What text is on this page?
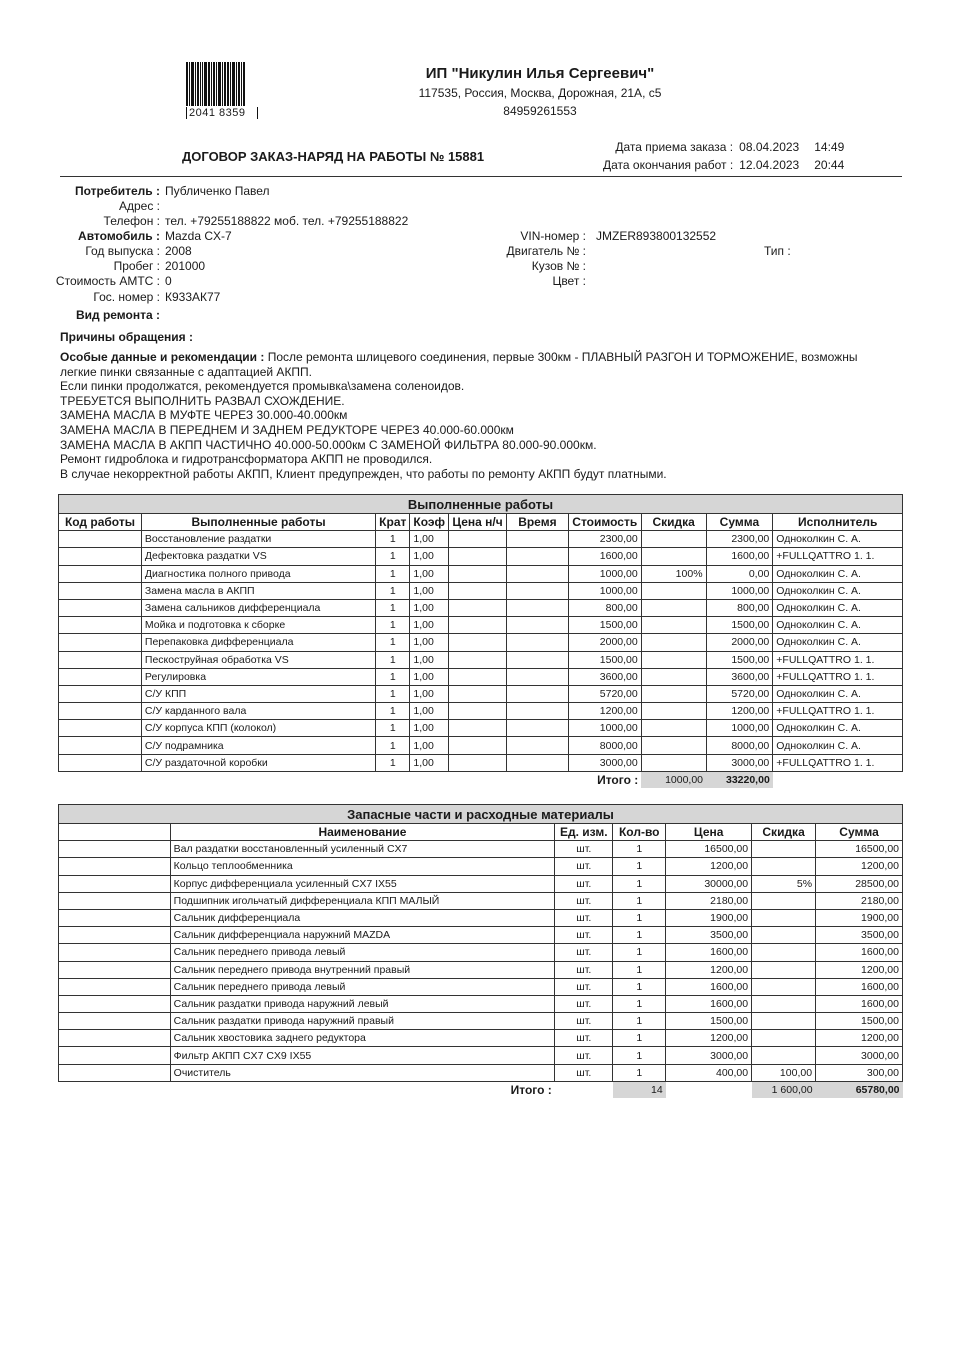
2041 8359
ИП "Никулин Илья Сергеевич"
117535, Россия, Москва, Дорожная, 21А, с5
84959261553
ДОГОВОР ЗАКАЗ-НАРЯД НА РАБОТЫ № 15881
Дата приема заказа :	08.04.2023	14:49
Дата окончания работ :	12.04.2023	20:44
Потребитель : Публиченко Павел
Адрес :
Телефон : тел. +79255188822 моб. тел. +79255188822
Автомобиль : Mazda CX-7
Год выпуска : 2008
Пробег : 201000
Стоимость АМТС : 0
Гос. номер : К933АК77
Вид ремонта :
VIN-номер : JMZER893800132552
Двигатель № :
Кузов № :
Цвет :
Тип :
Причины обращения :
Особые данные и рекомендации : После ремонта шлицевого соединения, первые 300км - ПЛАВНЫЙ РАЗГОН И ТОРМОЖЕНИЕ, возможны
легкие пинки связанные с адаптацией АКПП.
Если пинки продолжатся, рекомендуется промывка\замена соленоидов.
ТРЕБУЕТСЯ ВЫПОЛНИТЬ РАЗВАЛ СХОЖДЕНИЕ.
ЗАМЕНА МАСЛА В МУФТЕ ЧЕРЕЗ 30.000-40.000км
ЗАМЕНА МАСЛА В ПЕРЕДНЕМ И ЗАДНЕМ РЕДУКТОРЕ ЧЕРЕЗ 40.000-60.000км
ЗАМЕНА МАСЛА В АКПП ЧАСТИЧНО 40.000-50.000км С ЗАМЕНОЙ ФИЛЬТРА 80.000-90.000км.
Ремонт гидроблока и гидротрансформатора АКПП не проводился.
В случае некорректной работы АКПП, Клиент предупрежден, что работы по ремонту АКПП будут платными.
Выполненные работы									
Код работы	Выполненные работы	Крат	Коэф	Цена н/ч	Время	Стоимость	Скидка	Сумма	Исполнитель
	Восстановление раздатки	1	1,00			2300,00		2300,00	Одноколкин С. А.
	Дефектовка раздатки VS	1	1,00			1600,00		1600,00	+FULLQATTRO 1. 1.
	Диагностика полного привода	1	1,00			1000,00	100%	0,00	Одноколкин С. А.
	Замена масла в АКПП	1	1,00			1000,00		1000,00	Одноколкин С. А.
	Замена сальников дифференциала	1	1,00			800,00		800,00	Одноколкин С. А.
	Мойка и подготовка к сборке	1	1,00			1500,00		1500,00	Одноколкин С. А.
	Перепаковка дифференциала	1	1,00			2000,00		2000,00	Одноколкин С. А.
	Пескоструйная обработка VS	1	1,00			1500,00		1500,00	+FULLQATTRO 1. 1.
	Регулировка	1	1,00			3600,00		3600,00	+FULLQATTRO 1. 1.
	С/У КПП	1	1,00			5720,00		5720,00	Одноколкин С. А.
	С/У карданного вала	1	1,00			1200,00		1200,00	+FULLQATTRO 1. 1.
	С/У корпуса КПП (колокол)	1	1,00			1000,00		1000,00	Одноколкин С. А.
	С/У подрамника	1	1,00			8000,00		8000,00	Одноколкин С. А.
	С/У раздаточной коробки	1	1,00			3000,00		3000,00	+FULLQATTRO 1. 1.
Итого :							1000,00	33220,00	
Запасные части и расходные материалы						
	Наименование	Ед. изм.	Кол-во	Цена	Скидка	Сумма
	Вал раздатки восстановленный усиленный CX7	шт.	1	16500,00		16500,00
	Кольцо теплообменника	шт.	1	1200,00		1200,00
	Корпус дифференциала усиленный CX7 IX55	шт.	1	30000,00	5%	28500,00
	Подшипник игольчатый дифференциала КПП МАЛЫЙ	шт.	1	2180,00		2180,00
	Сальник дифференциала	шт.	1	1900,00		1900,00
	Сальник дифференциала наружний MAZDA	шт.	1	3500,00		3500,00
	Сальник переднего привода левый	шт.	1	1600,00		1600,00
	Сальник переднего привода внутренний правый	шт.	1	1200,00		1200,00
	Сальник переднего привода левый	шт.	1	1600,00		1600,00
	Сальник раздатки привода наружний левый	шт.	1	1600,00		1600,00
	Сальник раздатки привода наружний правый	шт.	1	1500,00		1500,00
	Сальник хвостовика заднего редуктора	шт.	1	1200,00		1200,00
	Фильтр АКПП CX7 CX9 IX55	шт.	1	3000,00		3000,00
	Очиститель	шт.	1	400,00	100,00	300,00
Итого :			14		1 600,00	65780,00
